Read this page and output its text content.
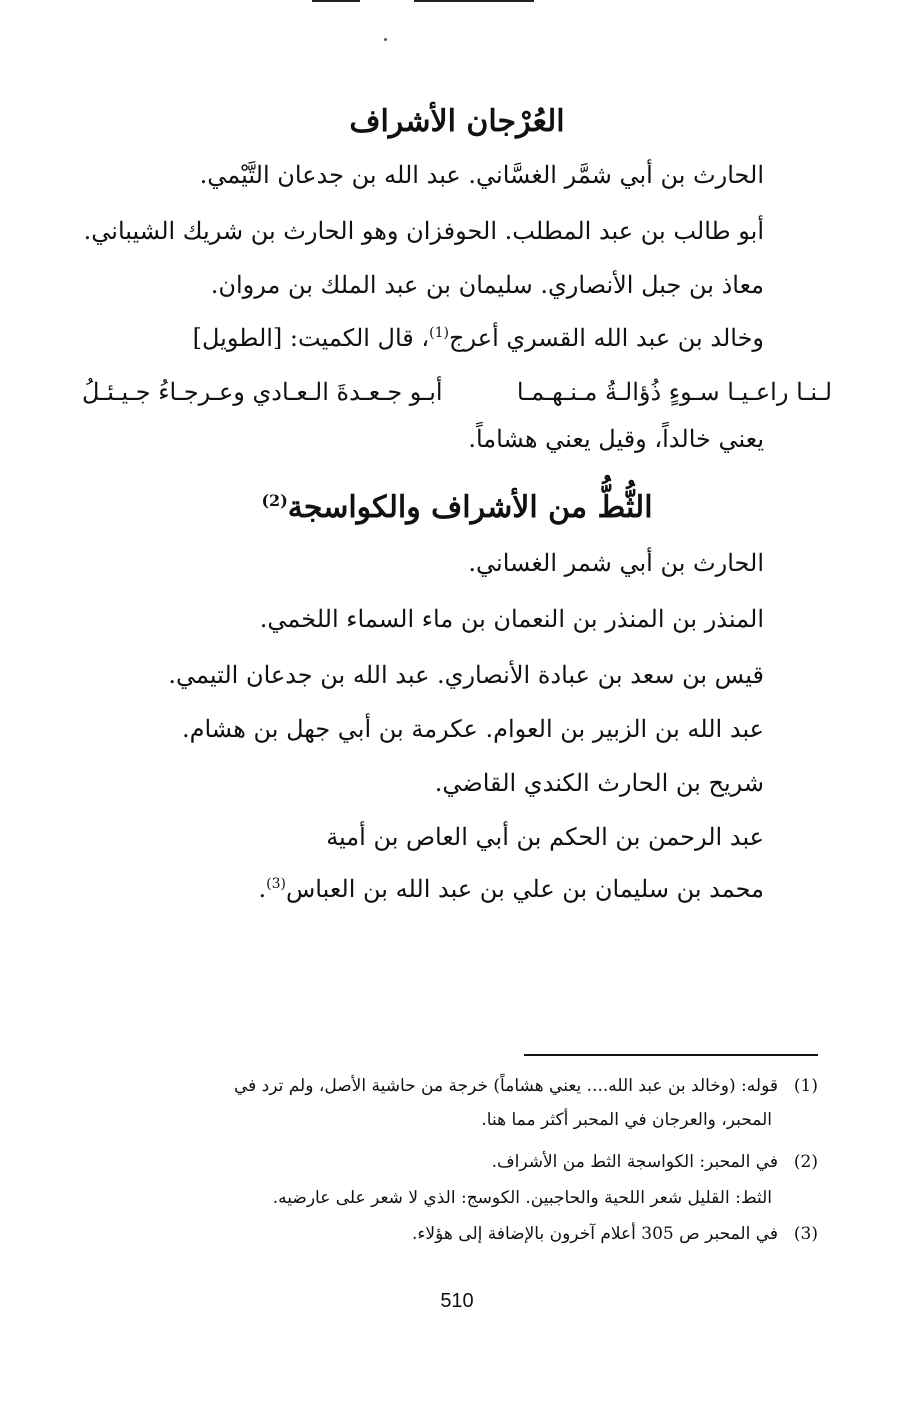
العُرْجان الأشراف
الحارث بن أبي شمَّر الغسَّاني. عبد الله بن جدعان التَّيْمي.
أبو طالب بن عبد المطلب. الحوفزان وهو الحارث بن شريك الشيباني.
معاذ بن جبل الأنصاري. سليمان بن عبد الملك بن مروان.
وخالد بن عبد الله القسري أعرج$^{(1)}$، قال الكميت: [الطويل]
لـنـا راعـيـا سـوءٍ ذُؤالـةُ مـنـهـمـا
أبـو جـعـدةَ الـعـادي وعـرجـاءُ جـيـئـلُ
يعني خالداً، وقيل يعني هشاماً.
الثُّطُّ من الأشراف والكواسجة$^{(2)}$
الحارث بن أبي شمر الغساني.
المنذر بن المنذر بن النعمان بن ماء السماء اللخمي.
قيس بن سعد بن عبادة الأنصاري. عبد الله بن جدعان التيمي.
عبد الله بن الزبير بن العوام. عكرمة بن أبي جهل بن هشام.
شريح بن الحارث الكندي القاضي.
عبد الرحمن بن الحكم بن أبي العاص بن أمية
محمد بن سليمان بن علي بن عبد الله بن العباس$^{(3)}$.
(1)قوله: (وخالد بن عبد الله.... يعني هشاماً) خرجة من حاشية الأصل، ولم ترد في
المحبر، والعرجان في المحبر أكثر مما هنا.
(2)في المحبر: الكواسجة الثط من الأشراف.
الثط: القليل شعر اللحية والحاجبين. الكوسج: الذي لا شعر على عارضيه.
(3)في المحبر ص 305 أعلام آخرون بالإضافة إلى هؤلاء.
510
